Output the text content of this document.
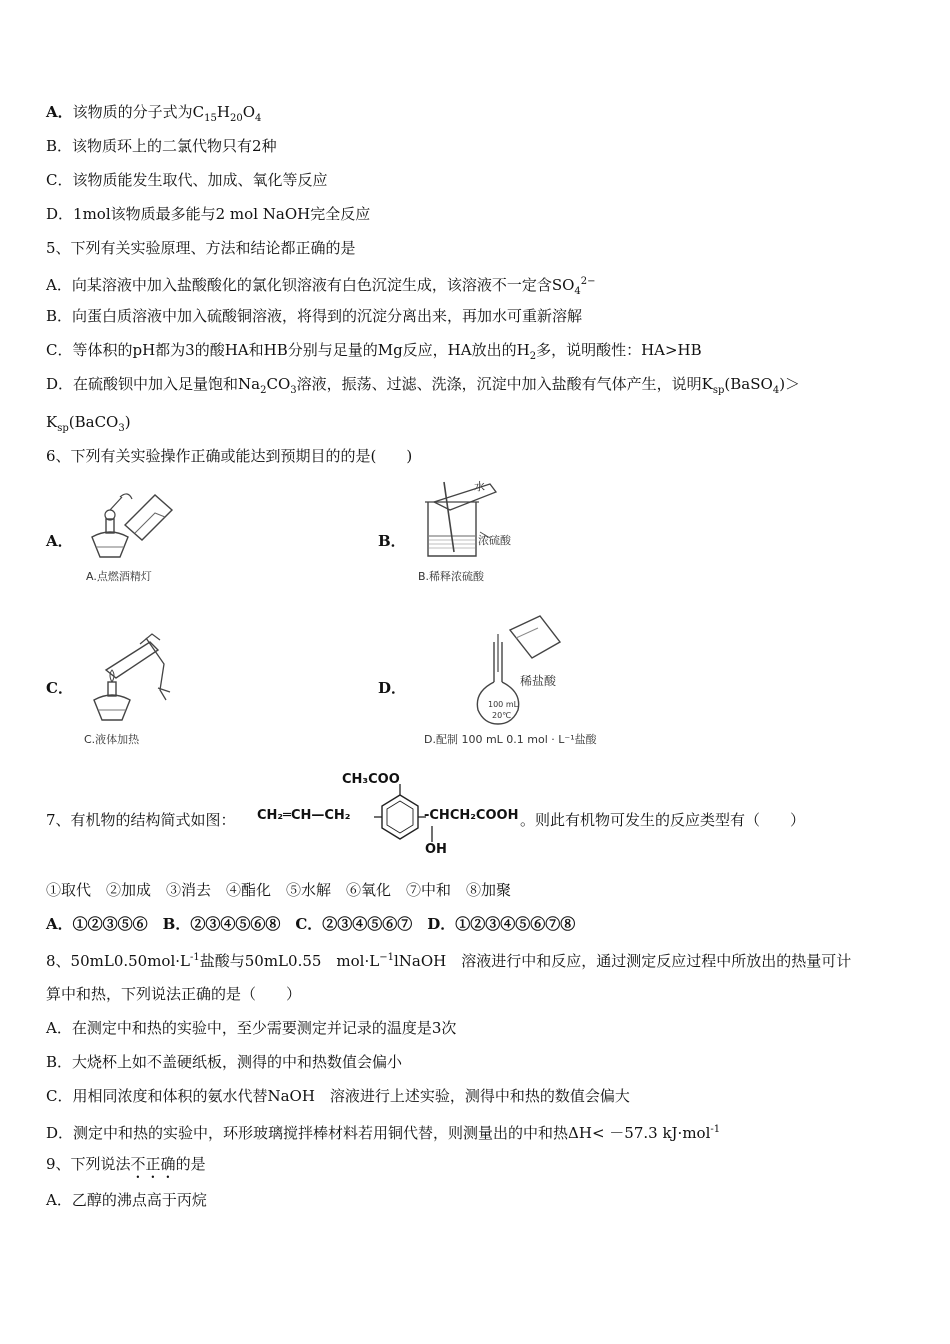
A．该物质的分子式为$C_{15}H_{20}O_4$
B．该物质环上的二氯代物只有2种
C．该物质能发生取代、加成、氧化等反应
D．1mol该物质最多能与2 mol NaOH完全反应
5、下列有关实验原理、方法和结论都正确的是
A．向某溶液中加入盐酸酸化的氯化钡溶液有白色沉淀生成，该溶液不一定含$SO_4^{2-}$
B．向蛋白质溶液中加入硫酸铜溶液，将得到的沉淀分离出来，再加水可重新溶解
C．等体积的pH都为3的酸HA和HB分别与足量的Mg反应，HA放出的$H_2$多，说明酸性：HA>HB
D．在硫酸钡中加入足量饱和$Na_2CO_3$溶液，振荡、过滤、洗涤，沉淀中加入盐酸有气体产生，说明$K_{sp}(BaSO_4)>$
$K_{sp}(BaCO_3)$
6、下列有关实验操作正确或能达到预期目的的是(　　)
A．
A.点燃酒精灯
B．
水
浓硫酸
B.稀释浓硫酸
C．
C.液体加热
D．	稀盐酸
100 mL
20℃
D.配制 100 mL 0.1 mol · L⁻¹盐酸
7、有机物的结构简式如图：
CH₃COO
CH₂═CH—CH₂	-CHCH₂COOH
OH
。则此有机物可发生的反应类型有（　　）
①取代　②加成　③消去　④酯化　⑤水解　⑥氧化　⑦中和　⑧加聚
A．①②③⑤⑥　B．②③④⑤⑥⑧　C．②③④⑤⑥⑦　D．①②③④⑤⑥⑦⑧
8、$50mL0.50mol\cdot L^{-1}$盐酸与50mL0.55　$mol\cdot L^{-1}lNaOH$　溶液进行中和反应，通过测定反应过程中所放出的热量可计
算中和热，下列说法正确的是（　　）
A．在测定中和热的实验中，至少需要测定并记录的温度是3次
B．大烧杯上如不盖硬纸板，测得的中和热数值会偏小
C．用相同浓度和体积的氨水代替NaOH　溶液进行上述实验，测得中和热的数值会偏大
D．测定中和热的实验中，环形玻璃搅拌棒材料若用铜代替，则测量出的中和热ΔH< －57.3 kJ·mol$^{-1}$
9、下列说法不正确的是
A．乙醇的沸点高于丙烷
